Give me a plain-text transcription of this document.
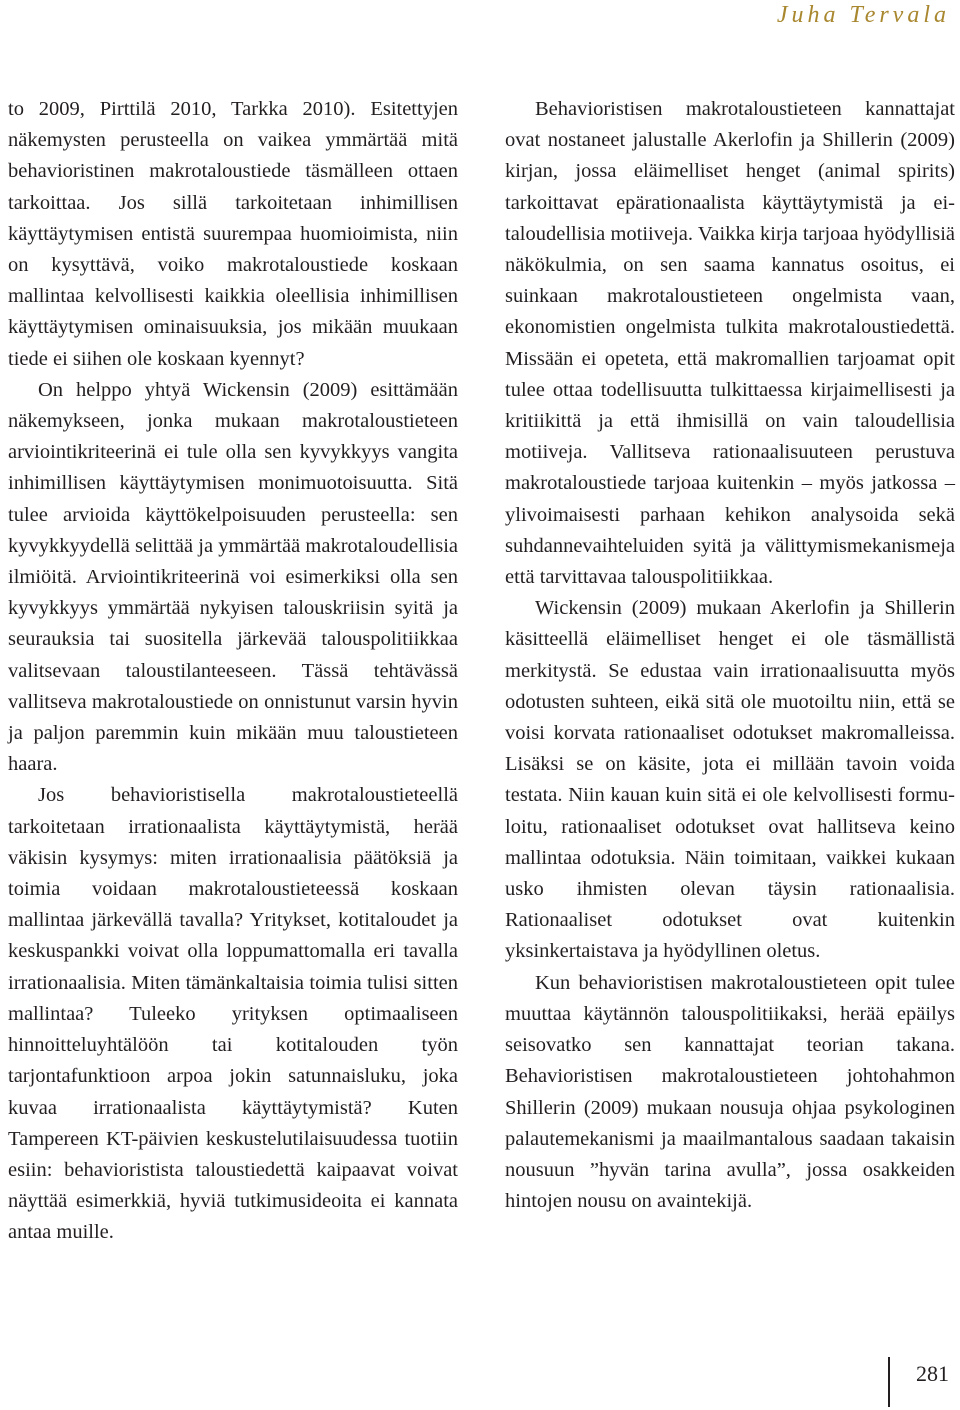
Juha Tervala

to 2009, Pirttilä 2010, Tarkka 2010). Esitettyjen näkemysten perusteella on vaikea ymmärtää mitä behavioristinen makrotaloustiede täsmälleen ottaen tarkoittaa. Jos sillä tarkoitetaan inhimillisen käyttäytymisen entistä suurempaa huomioimista, niin on kysyttävä, voiko makrotaloustiede koskaan mallintaa kelvollisesti kaikkia oleellisia inhimillisen käyttäytymisen ominaisuuksia, jos mikään muukaan tiede ei siihen ole koskaan kyennyt?

On helppo yhtyä Wickensin (2009) esittämään näkemykseen, jonka mukaan makrotaloustieteen arviointikriteerinä ei tule olla sen kyvykkyys vangita inhimillisen käyttäytymisen monimuotoisuutta. Sitä tulee arvioida käyttökelpoisuuden perusteella: sen kyvykkyydellä selittää ja ymmärtää makrotaloudellisia ilmiöitä. Arviointikriteerinä voi esimerkiksi olla sen kyvykkyys ymmärtää nykyisen talouskriisin syitä ja seurauksia tai suositella järkevää talouspolitiikkaa valitsevaan taloustilanteeseen. Tässä tehtävässä vallitseva makrotaloustiede on onnistunut varsin hyvin ja paljon paremmin kuin mikään muu taloustieteen haara.

Jos behavioristisella makrotaloustieteellä tarkoitetaan irrationaalista käyttäytymistä, herää väkisin kysymys: miten irrationaalisia päätöksiä ja toimia voidaan makrotaloustieteessä koskaan mallintaa järkevällä tavalla? Yritykset, kotitaloudet ja keskuspankki voivat olla loppumattomalla eri tavalla irrationaalisia. Miten tämänkaltaisia toimia tulisi sitten mallintaa? Tuleeko yrityksen optimaaliseen hinnoitteluyhtälöön tai kotitalouden työn tarjontafunktioon arpoa jokin satunnaisluku, joka kuvaa irrationaalista käyttäytymistä? Kuten Tampereen KT-päivien keskustelutilaisuudessa tuotiin esiin: behavioristista taloustiedettä kaipaavat voivat näyttää esimerkkiä, hyviä tutkimusideoita ei kannata antaa muille.

Behavioristisen makrotaloustieteen kannattajat ovat nostaneet jalustalle Akerlofin ja Shillerin (2009) kirjan, jossa eläimelliset henget (animal spirits) tarkoittavat epärationaalista käyttäytymistä ja ei-taloudellisia motiiveja. Vaikka kirja tarjoaa hyödyllisiä näkökulmia, on sen saama kannatus osoitus, ei suinkaan makrotaloustieteen ongelmista vaan, ekonomistien ongelmista tulkita makrotaloustiedettä. Missään ei opeteta, että makromallien tarjoamat opit tulee ottaa todellisuutta tulkittaessa kirjaimellisesti ja kritiikittä ja että ihmisillä on vain taloudellisia motiiveja. Vallitseva rationaalisuuteen perustuva makrotaloustiede tarjoaa kuitenkin – myös jatkossa – ylivoimaisesti parhaan kehikon analysoida sekä suhdannevaihteluiden syitä ja välittymismekanismeja että tarvittavaa talouspolitiikkaa.

Wickensin (2009) mukaan Akerlofin ja Shillerin käsitteellä eläimelliset henget ei ole täsmällistä merkitystä. Se edustaa vain irrationaalisuutta myös odotusten suhteen, eikä sitä ole muotoiltu niin, että se voisi korvata rationaaliset odotukset makromalleissa. Lisäksi se on käsite, jota ei millään tavoin voida testata. Niin kauan kuin sitä ei ole kelvollisesti formuloitu, rationaaliset odotukset ovat hallitseva keino mallintaa odotuksia. Näin toimitaan, vaikkei kukaan usko ihmisten olevan täysin rationaalisia. Rationaaliset odotukset ovat kuitenkin yksinkertaistava ja hyödyllinen oletus.

Kun behavioristisen makrotaloustieteen opit tulee muuttaa käytännön talouspolitiikaksi, herää epäilys seisovatko sen kannattajat teorian takana. Behavioristisen makrotaloustieteen johtohahmon Shillerin (2009) mukaan nousuja ohjaa psykologinen palautemekanismi ja maailmantalous saadaan takaisin nousuun ”hyvän tarina avulla”, jossa osakkeiden hintojen nousu on avaintekijä.

281
